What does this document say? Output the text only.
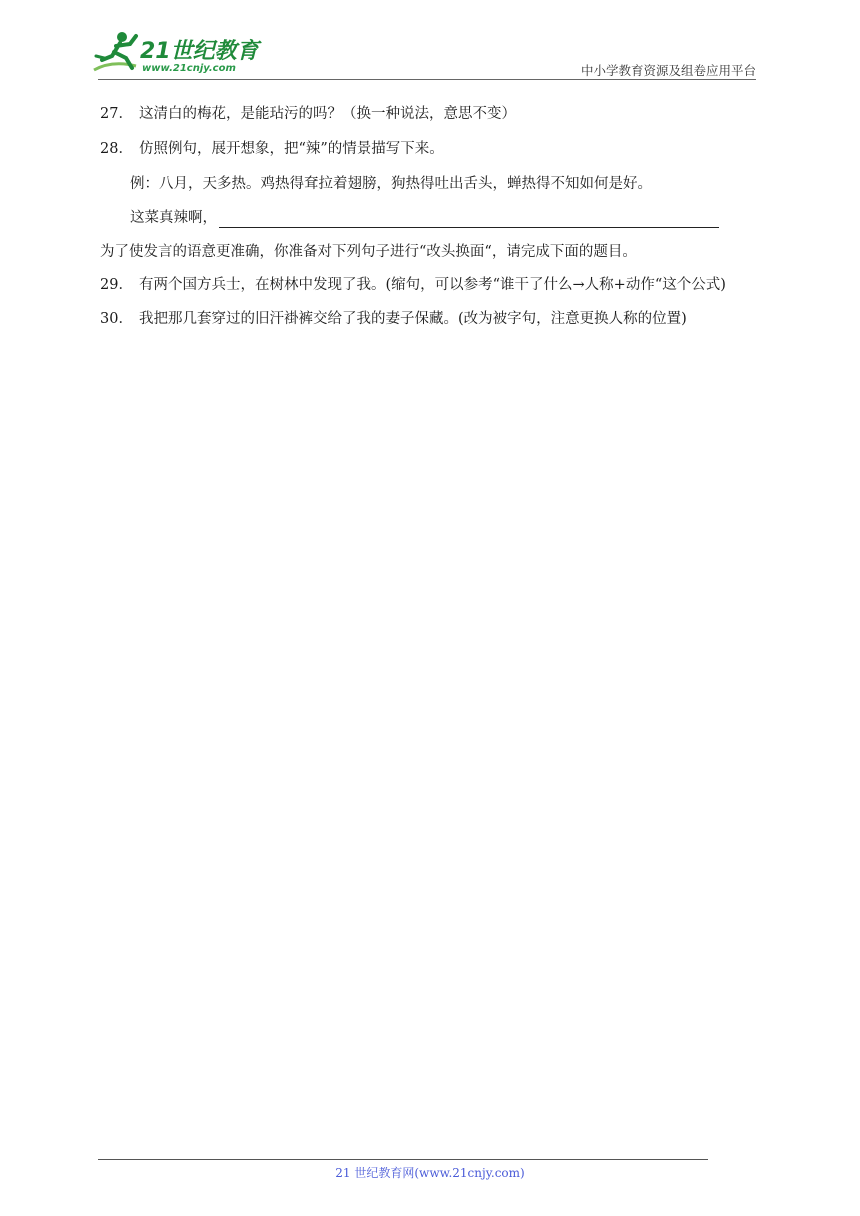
21世纪教育
www.21cnjy.com	中小学教育资源及组卷应用平台
27． 这清白的梅花，是能玷污的吗？（换一种说法，意思不变）
28． 仿照例句，展开想象，把“辣”的情景描写下来。
例：八月，天多热。鸡热得耷拉着翅膀，狗热得吐出舌头，蝉热得不知如何是好。
这菜真辣啊，
为了使发言的语意更准确，你准备对下列句子进行“改头换面“，请完成下面的题目。
29． 有两个国方兵士，在树林中发现了我。(缩句，可以参考“谁干了什么→人称+动作“这个公式)
30． 我把那几套穿过的旧汗褂裤交给了我的妻子保藏。(改为被字句，注意更换人称的位置)
21 世纪教育网(www.21cnjy.com)
